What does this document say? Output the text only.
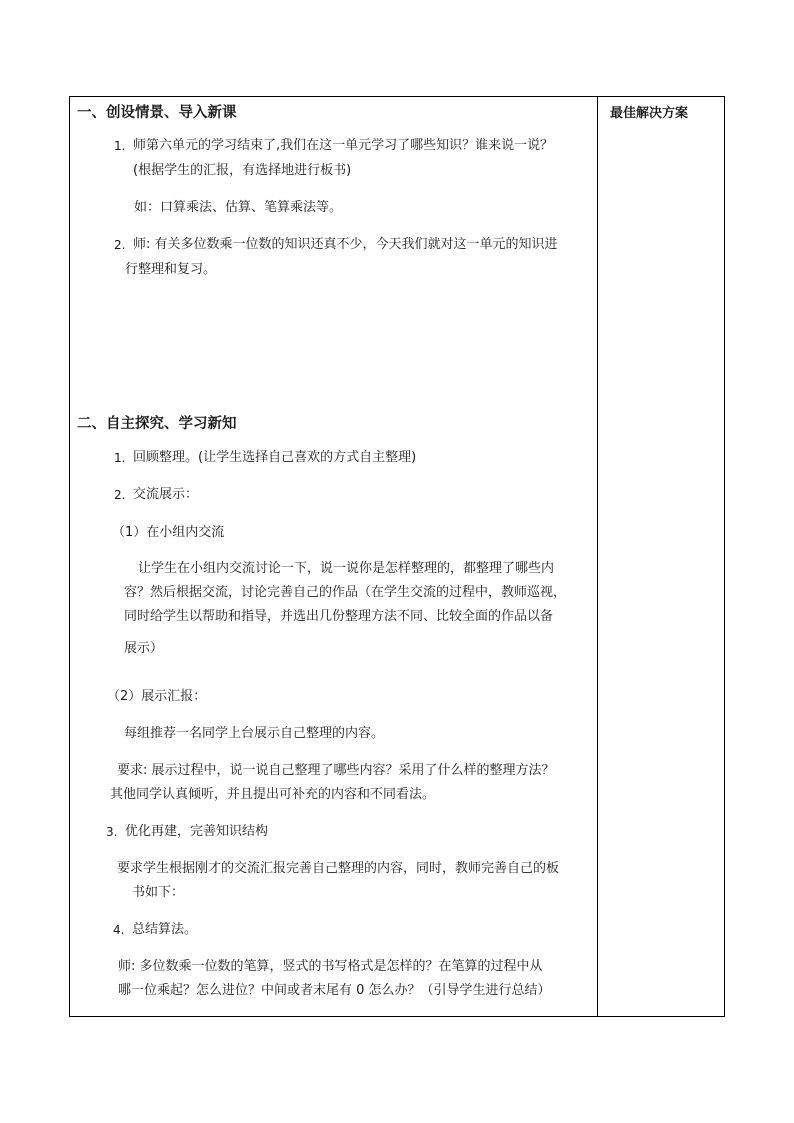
最佳解决方案
一、创设情景、导入新课
1. 师第六单元的学习结束了,我们在这一单元学习了哪些知识？谁来说一说？
(根据学生的汇报，有选择地进行板书)
如：口算乘法、估算、笔算乘法等。
2. 师: 有关多位数乘一位数的知识还真不少，今天我们就对这一单元的知识进
行整理和复习。
二、自主探究、学习新知
1. 回顾整理。(让学生选择自己喜欢的方式自主整理)
2. 交流展示：
（1）在小组内交流
让学生在小组内交流讨论一下，说一说你是怎样整理的，都整理了哪些内
容？然后根据交流，讨论完善自己的作品（在学生交流的过程中，教师巡视，
同时给学生以帮助和指导，并选出几份整理方法不同、比较全面的作品以备
展示）
（2）展示汇报：
每组推荐一名同学上台展示自己整理的内容。
要求: 展示过程中，说一说自己整理了哪些内容？采用了什么样的整理方法？
其他同学认真倾听，并且提出可补充的内容和不同看法。
3. 优化再建，完善知识结构
要求学生根据刚才的交流汇报完善自己整理的内容，同时，教师完善自己的板
书如下：
4. 总结算法。
师: 多位数乘一位数的笔算，竖式的书写格式是怎样的？在笔算的过程中从
哪一位乘起？怎么进位？中间或者末尾有 0 怎么办？（引导学生进行总结）
